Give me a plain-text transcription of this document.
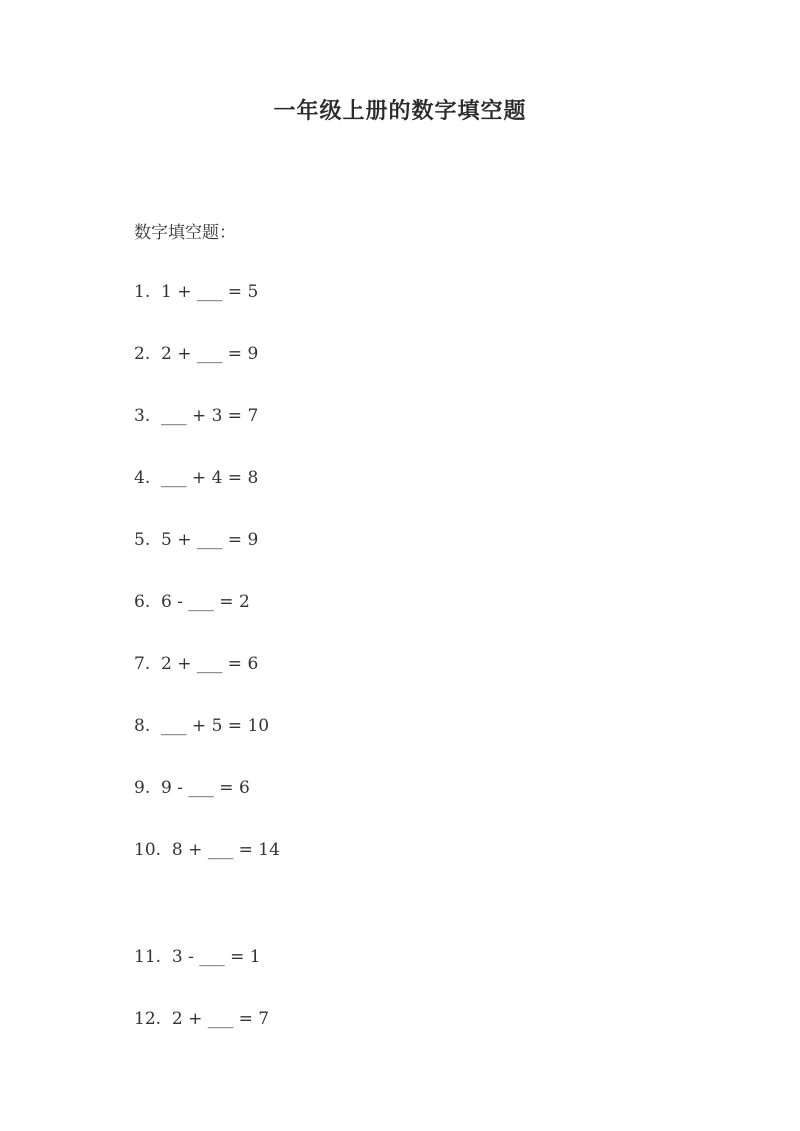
一年级上册的数字填空题
数字填空题：
1.  1 + ___ = 5
2.  2 + ___ = 9
3.  ___ + 3 = 7
4.  ___ + 4 = 8
5.  5 + ___ = 9
6.  6 - ___ = 2
7.  2 + ___ = 6
8.  ___ + 5 = 10
9.  9 - ___ = 6
10.  8 + ___ = 14
11.  3 - ___ = 1
12.  2 + ___ = 7
